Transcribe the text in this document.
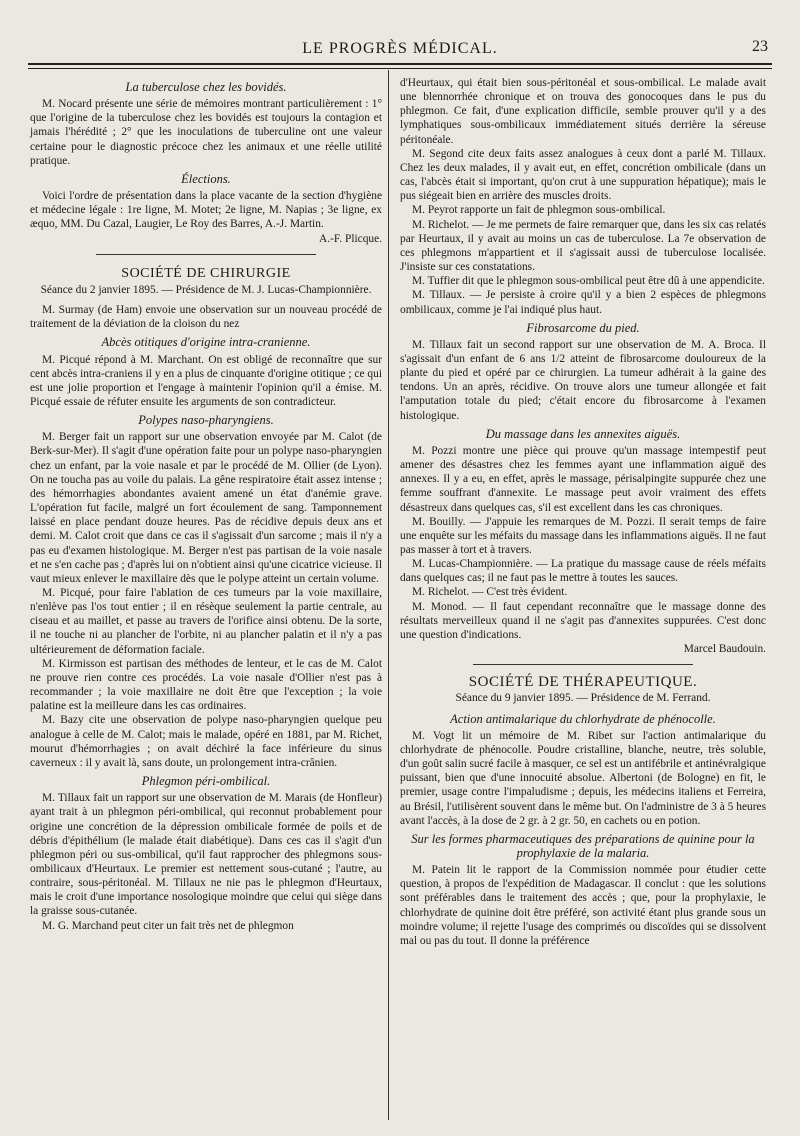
LE PROGRÈS MÉDICAL.	23
La tuberculose chez les bovidés.

M. Nocard présente une série de mémoires montrant particulièrement : 1° que l'origine de la tuberculose chez les bovidés est toujours la contagion et jamais l'hérédité ; 2° que les inoculations de tuberculine ont une valeur certaine pour le diagnostic précoce chez les animaux et une réelle utilité pratique.

Élections.

Voici l'ordre de présentation dans la place vacante de la section d'hygiène et médecine légale : 1re ligne, M. Motet; 2e ligne, M. Napias ; 3e ligne, ex æquo, MM. Du Cazal, Laugier, Le Roy des Barres, A.-J. Martin.

A.-F. Plicque.
SOCIÉTÉ DE CHIRURGIE
Séance du 2 janvier 1895. — Présidence de M. J. Lucas-Championnière.

M. Surmay (de Ham) envoie une observation sur un nouveau procédé de traitement de la déviation de la cloison du nez

Abcès otitiques d'origine intra-cranienne.

M. Picqué répond à M. Marchant. On est obligé de reconnaître que sur cent abcès intra-craniens il y en a plus de cinquante d'origine otitique ; ce qui est une jolie proportion et l'engage à maintenir l'opinion qu'il a émise. M. Picqué essaie de réfuter ensuite les arguments de son contradicteur.

Polypes naso-pharyngiens.

M. Berger fait un rapport sur une observation envoyée par M. Calot (de Berk-sur-Mer). Il s'agit d'une opération faite pour un polype naso-pharyngien chez un enfant, par la voie nasale et par le procédé de M. Ollier (de Lyon). On ne toucha pas au voile du palais. La gêne respiratoire était assez intense ; des hémorrhagies abondantes avaient amené un état d'anémie grave. L'opération fut facile, malgré un fort écoulement de sang. Tamponnement laissé en place pendant douze heures. Pas de récidive depuis deux ans et demi. M. Calot croit que dans ce cas il s'agissait d'un sarcome ; mais il n'y a pas eu d'examen histologique. M. Berger n'est pas partisan de la voie nasale et ne s'en cache pas ; d'après lui on n'obtient ainsi qu'une cicatrice vicieuse. Il vaut mieux enlever le maxillaire dès que le polype atteint un certain volume.

M. Picqué, pour faire l'ablation de ces tumeurs par la voie maxillaire, n'enlève pas l'os tout entier ; il en résèque seulement la partie centrale, au ciseau et au maillet, et passe au travers de l'orifice ainsi obtenu. De la sorte, il ne touche ni au plancher de l'orbite, ni au plancher palatin et il n'y a pas ultérieurement de déformation faciale.

M. Kirmisson est partisan des méthodes de lenteur, et le cas de M. Calot ne prouve rien contre ces procédés. La voie nasale d'Ollier n'est pas à recommander ; la voie maxillaire ne doit être que l'exception ; la voie palatine est la meilleure dans les cas ordinaires.

M. Bazy cite une observation de polype naso-pharyngien quelque peu analogue à celle de M. Calot; mais le malade, opéré en 1881, par M. Richet, mourut d'hémorrhagies ; on avait déchiré la face inférieure du sinus caverneux : il y avait là, sans doute, un prolongement intra-crânien.

Phlegmon péri-ombilical.

M. Tillaux fait un rapport sur une observation de M. Marais (de Honfleur) ayant trait à un phlegmon péri-ombilical, qui reconnut probablement pour origine une concrétion de la dépression ombilicale formée de poils et de débris d'épithélium (le malade était diabétique). Dans ces cas il s'agit d'un phlegmon péri ou sus-ombilical, qu'il faut rapprocher des phlegmons sous-ombilicaux d'Heurtaux. Le premier est nettement sous-cutané ; l'autre, au contraire, sous-péritonéal. M. Tillaux ne nie pas le phlegmon d'Heurtaux, mais le croit d'une importance nosologique moindre que celui qui siège dans la graisse sous-cutanée.

M. G. Marchand peut citer un fait très net de phlegmon

d'Heurtaux, qui était bien sous-péritonéal et sous-ombilical. Le malade avait une blennorrhée chronique et on trouva des gonocoques dans le pus du phlegmon. Ce fait, d'une explication difficile, semble prouver qu'il y a des lymphatiques sous-ombilicaux immédiatement situés derrière la séreuse péritonéale.

M. Segond cite deux faits assez analogues à ceux dont a parlé M. Tillaux. Chez les deux malades, il y avait eut, en effet, concrétion ombilicale (dans un cas, l'abcès était si important, qu'on crut à une suppuration hépatique); mais le pus siégeait bien en arrière des muscles droits.

M. Peyrot rapporte un fait de phlegmon sous-ombilical.

M. Richelot. — Je me permets de faire remarquer que, dans les six cas relatés par Heurtaux, il y avait au moins un cas de tuberculose. La 7e observation de ces phlegmons m'appartient et il s'agissait aussi de tuberculose localisée. J'insiste sur ces constatations.

M. Tuffier dit que le phlegmon sous-ombilical peut être dû à une appendicite.

M. Tillaux. — Je persiste à croire qu'il y a bien 2 espèces de phlegmons ombilicaux, comme je l'ai indiqué plus haut.

Fibrosarcome du pied.

M. Tillaux fait un second rapport sur une observation de M. A. Broca. Il s'agissait d'un enfant de 6 ans 1/2 atteint de fibrosarcome douloureux de la plante du pied et opéré par ce chirurgien. La tumeur adhérait à la gaine des tendons. Un an après, récidive. On trouve alors une tumeur allongée et fait l'amputation totale du pied; c'était encore du fibrosarcome à l'examen histologique.

Du massage dans les annexites aiguës.

M. Pozzi montre une pièce qui prouve qu'un massage intempestif peut amener des désastres chez les femmes ayant une inflammation aiguë des annexes. Il y a eu, en effet, après le massage, périsalpingite suppurée chez une femme souffrant d'annexite. Le massage peut avoir vraiment des effets désastreux dans quelques cas, s'il est excellent dans les cas chroniques.

M. Bouilly. — J'appuie les remarques de M. Pozzi. Il serait temps de faire une enquête sur les méfaits du massage dans les inflammations aiguës. Il ne faut pas masser à tort et à travers.

M. Lucas-Championnière. — La pratique du massage cause de réels méfaits dans quelques cas; il ne faut pas le mettre à toutes les sauces.

M. Richelot. — C'est très évident.

M. Monod. — Il faut cependant reconnaître que le massage donne des résultats merveilleux quand il ne s'agit pas d'annexites suppurées. C'est donc une question d'indications.

Marcel Baudouin.
SOCIÉTÉ DE THÉRAPEUTIQUE.
Séance du 9 janvier 1895. — Présidence de M. Ferrand.
Action antimalarique du chlorhydrate de phénocolle.

M. Vogt lit un mémoire de M. Ribet sur l'action antimalarique du chlorhydrate de phénocolle. Poudre cristalline, blanche, neutre, très soluble, d'un goût salin sucré facile à masquer, ce sel est un antifébrile et antinévralgique puissant, bien que d'une innocuité absolue. Albertoni (de Bologne) en fit, le premier, usage contre l'impaludisme ; depuis, les médecins italiens et Ferreira, au Brésil, l'utilisèrent souvent dans le même but. On l'administre de 3 à 5 heures avant l'accès, à la dose de 2 gr. à 2 gr. 50, en cachets ou en potion.

Sur les formes pharmaceutiques des préparations de quinine pour la prophylaxie de la malaria.

M. Patein lit le rapport de la Commission nommée pour étudier cette question, à propos de l'expédition de Madagascar. Il conclut : que les solutions sont préférables dans le traitement des accès ; que, pour la prophylaxie, le chlorhydrate de quinine doit être préféré, son activité étant plus grande sous un moindre volume; il rejette l'usage des comprimés ou discoïdes qui se dissolvent mal ou pas du tout. Il donne la préférence
